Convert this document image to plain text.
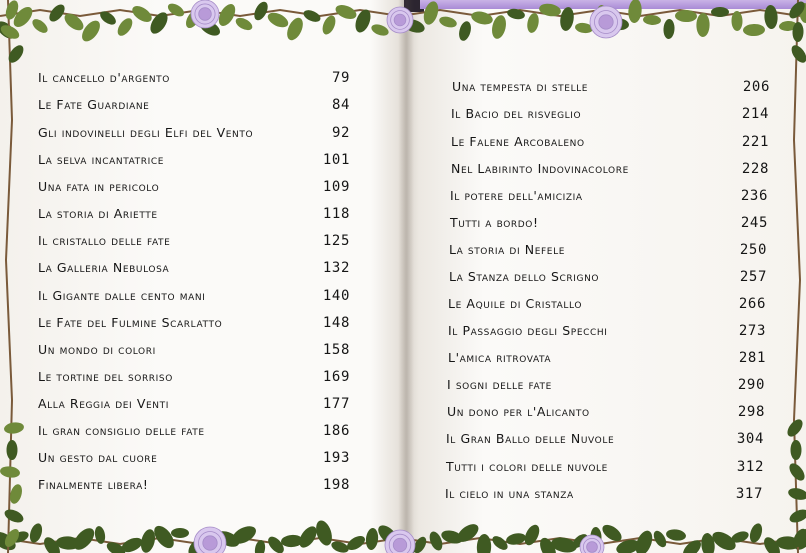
Il cancello d'argento	79
Le Fate Guardiane	84
Gli indovinelli degli Elfi del Vento	92
La selva incantatrice	101
Una fata in pericolo	109
La storia di Ariette	118
Il cristallo delle fate	125
La Galleria Nebulosa	132
Il Gigante dalle cento mani	140
Le Fate del Fulmine Scarlatto	148
Un mondo di colori	158
Le tortine del sorriso	169
Alla Reggia dei Venti	177
Il gran consiglio delle fate	186
Un gesto dal cuore	193
Finalmente libera!	198
Una tempesta di stelle	206
Il Bacio del risveglio	214
Le Falene Arcobaleno	221
Nel Labirinto Indovinacolore	228
Il potere dell'amicizia	236
Tutti a bordo!	245
La storia di Nefele	250
La Stanza dello Scrigno	257
Le Aquile di Cristallo	266
Il Passaggio degli Specchi	273
L'amica ritrovata	281
I sogni delle fate	290
Un dono per l'Alicanto	298
Il Gran Ballo delle Nuvole	304
Tutti i colori delle nuvole	312
Il cielo in una stanza	317
